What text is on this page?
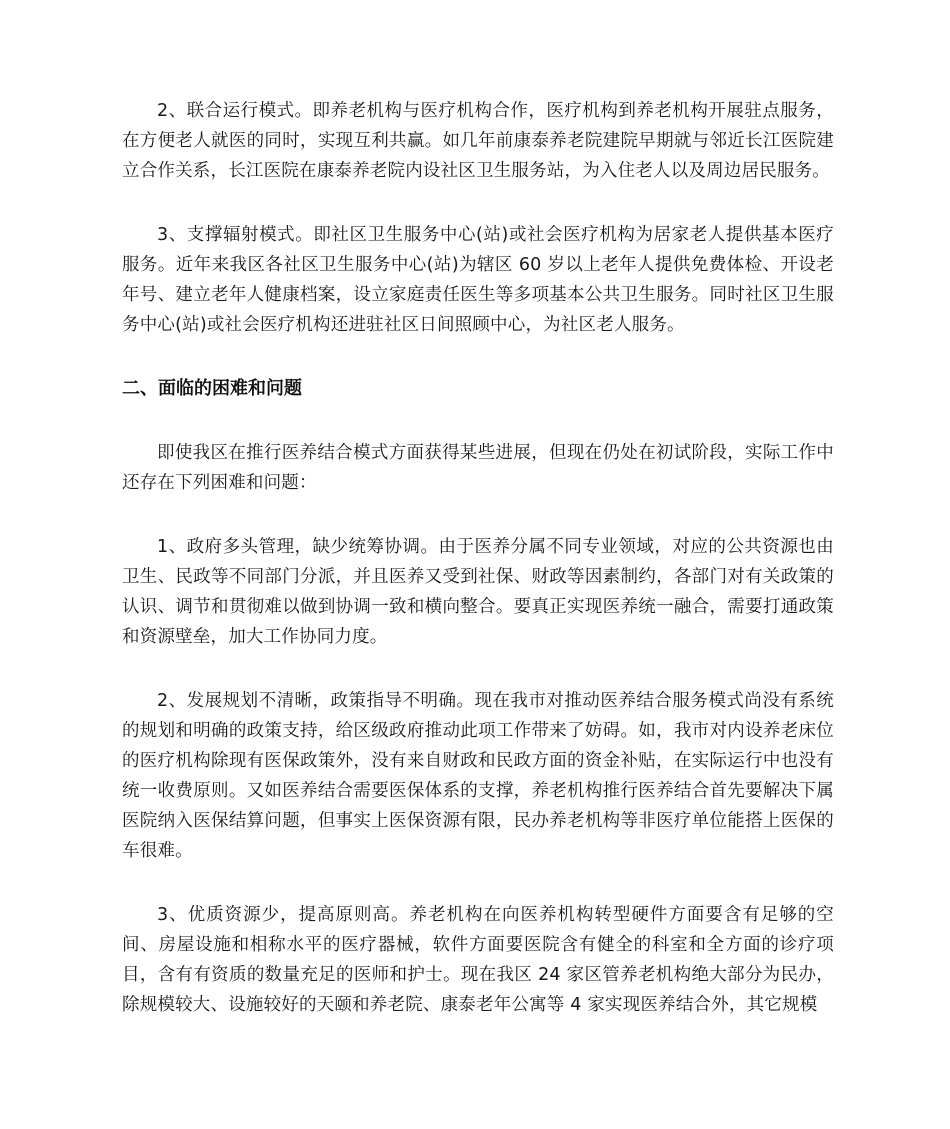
2、联合运行模式。即养老机构与医疗机构合作，医疗机构到养老机构开展驻点服务，在方便老人就医的同时，实现互利共赢。如几年前康泰养老院建院早期就与邻近长江医院建立合作关系，长江医院在康泰养老院内设社区卫生服务站，为入住老人以及周边居民服务。

3、支撑辐射模式。即社区卫生服务中心(站)或社会医疗机构为居家老人提供基本医疗服务。近年来我区各社区卫生服务中心(站)为辖区 60 岁以上老年人提供免费体检、开设老年号、建立老年人健康档案，设立家庭责任医生等多项基本公共卫生服务。同时社区卫生服务中心(站)或社会医疗机构还进驻社区日间照顾中心，为社区老人服务。

二、面临的困难和问题

即使我区在推行医养结合模式方面获得某些进展，但现在仍处在初试阶段，实际工作中还存在下列困难和问题：

1、政府多头管理，缺少统筹协调。由于医养分属不同专业领域，对应的公共资源也由卫生、民政等不同部门分派，并且医养又受到社保、财政等因素制约，各部门对有关政策的认识、调节和贯彻难以做到协调一致和横向整合。要真正实现医养统一融合，需要打通政策和资源壁垒，加大工作协同力度。

2、发展规划不清晰，政策指导不明确。现在我市对推动医养结合服务模式尚没有系统的规划和明确的政策支持，给区级政府推动此项工作带来了妨碍。如，我市对内设养老床位的医疗机构除现有医保政策外，没有来自财政和民政方面的资金补贴，在实际运行中也没有统一收费原则。又如医养结合需要医保体系的支撑，养老机构推行医养结合首先要解决下属医院纳入医保结算问题，但事实上医保资源有限，民办养老机构等非医疗单位能搭上医保的车很难。

3、优质资源少，提高原则高。养老机构在向医养机构转型硬件方面要含有足够的空间、房屋设施和相称水平的医疗器械，软件方面要医院含有健全的科室和全方面的诊疗项目，含有有资质的数量充足的医师和护士。现在我区 24 家区管养老机构绝大部分为民办，除规模较大、设施较好的天颐和养老院、康泰老年公寓等 4 家实现医养结合外，其它规模
